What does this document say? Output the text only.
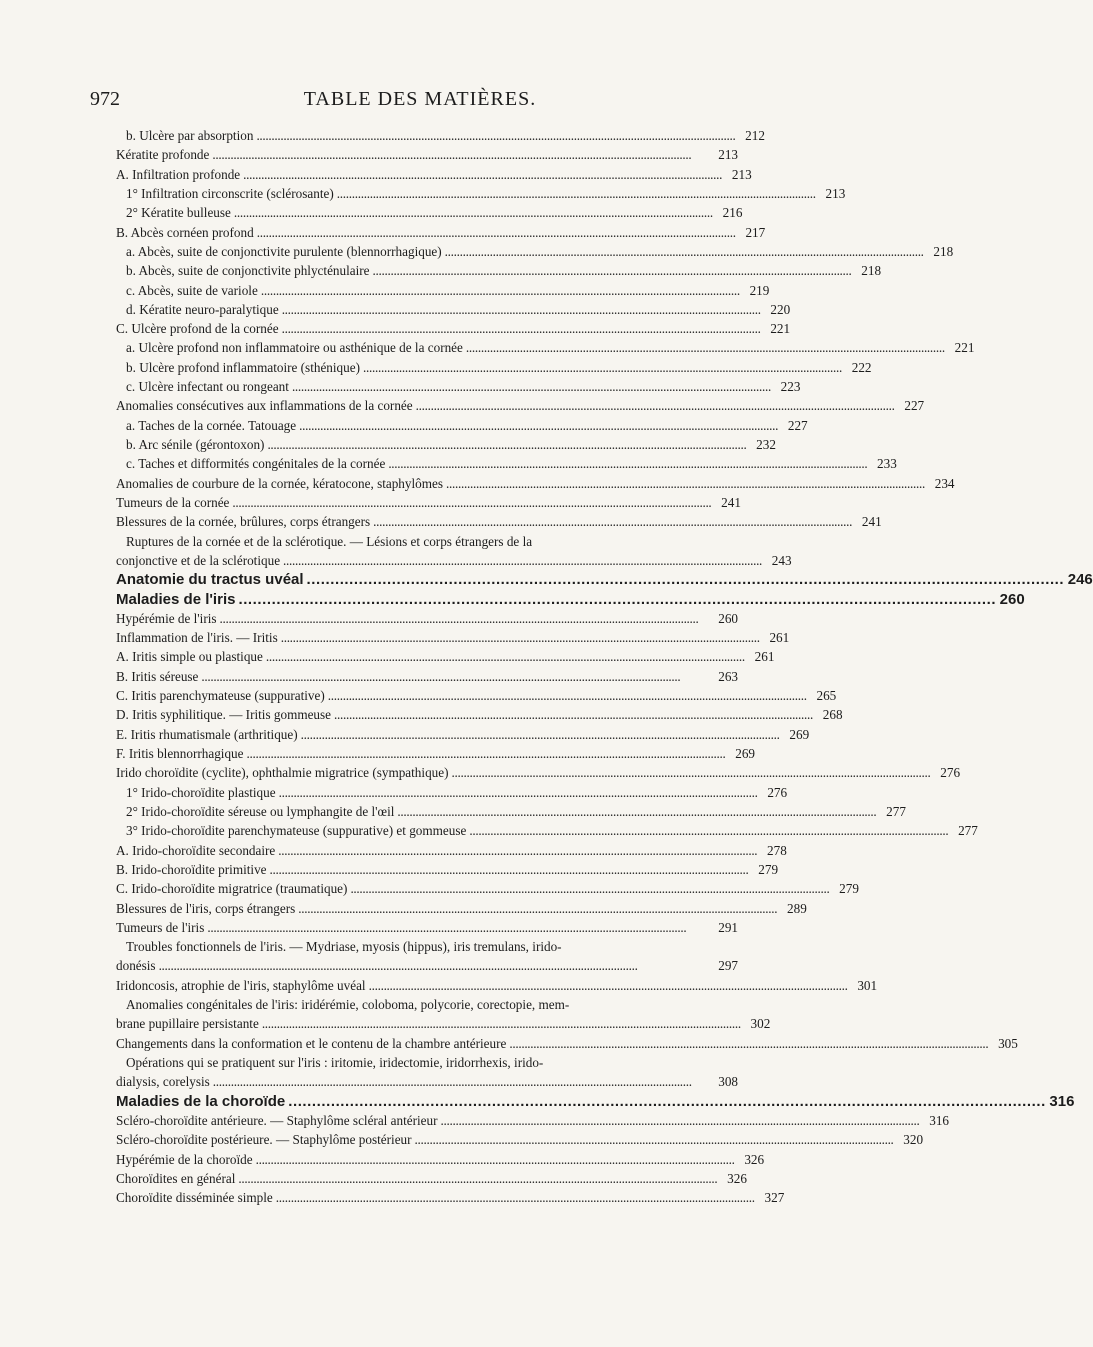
972	TABLE DES MATIÈRES.
b. Ulcère par absorption . . .	212
Kératite profonde . . .	213
A. Infiltration profonde . . .	213
1° Infiltration circonscrite (sclérosante) . . .	213
2° Kératite bulleuse . . .	216
B. Abcès cornéen profond . . .	217
a. Abcès, suite de conjonctivite purulente (blennorrhagique) . . .	218
b. Abcès, suite de conjonctivite phlycténulaire . . .	218
c. Abcès, suite de variole . . .	219
d. Kératite neuro-paralytique . . .	220
C. Ulcère profond de la cornée . . .	221
a. Ulcère profond non inflammatoire ou asthénique de la cornée . . .	221
b. Ulcère profond inflammatoire (sthénique) . . .	222
c. Ulcère infectant ou rongeant . . .	223
Anomalies consécutives aux inflammations de la cornée . . .	227
a. Taches de la cornée. Tatouage . . .	227
b. Arc sénile (gérontoxon) . . .	232
c. Taches et difformités congénitales de la cornée . . .	233
Anomalies de courbure de la cornée, kératocone, staphylômes . . .	234
Tumeurs de la cornée . . .	241
Blessures de la cornée, brûlures, corps étrangers . . .	241
Ruptures de la cornée et de la sclérotique. — Lésions et corps étrangers de la
conjonctive et de la sclérotique . . .	243
Anatomie du tractus uvéal . . .	246
Maladies de l'iris . . .	260
Hypérémie de l'iris . . .	260
Inflammation de l'iris. — Iritis . . .	261
A. Iritis simple ou plastique . . .	261
B. Iritis séreuse . . .	263
C. Iritis parenchymateuse (suppurative) . . .	265
D. Iritis syphilitique. — Iritis gommeuse . . .	268
E. Iritis rhumatismale (arthritique) . . .	269
F. Iritis blennorrhagique . . .	269
Irido choroïdite (cyclite), ophthalmie migratrice (sympathique) . . .	276
1° Irido-choroïdite plastique . . .	276
2° Irido-choroïdite séreuse ou lymphangite de l'œil . . .	277
3° Irido-choroïdite parenchymateuse (suppurative) et gommeuse . . .	277
A. Irido-choroïdite secondaire . . .	278
B. Irido-choroïdite primitive . . .	279
C. Irido-choroïdite migratrice (traumatique) . . .	279
Blessures de l'iris, corps étrangers . . .	289
Tumeurs de l'iris . . .	291
Troubles fonctionnels de l'iris. — Mydriase, myosis (hippus), iris tremulans, irido-
donésis . . .	297
Iridoncosis, atrophie de l'iris, staphylôme uvéal . . .	301
Anomalies congénitales de l'iris: iridérémie, coloboma, polycorie, corectopie, mem-
brane pupillaire persistante . . .	302
Changements dans la conformation et le contenu de la chambre antérieure . . .	305
Opérations qui se pratiquent sur l'iris : iritomie, iridectomie, iridorrhexis, irido-
dialysis, corelysis . . .	308
Maladies de la choroïde . . .	316
Scléro-choroïdite antérieure. — Staphylôme scléral antérieur . . .	316
Scléro-choroïdite postérieure. — Staphylôme postérieur . . .	320
Hypérémie de la choroïde . . .	326
Choroïdites en général . . .	326
Choroïdite disséminée simple . . .	327
